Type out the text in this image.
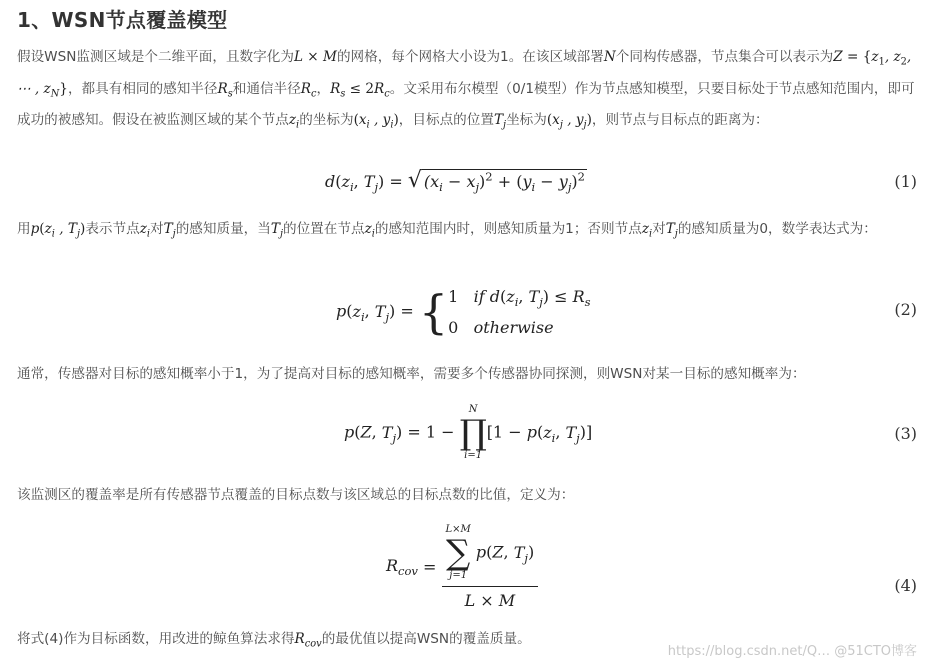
1、WSN节点覆盖模型
假设WSN监测区域是个二维平面，且数字化为L × M的网格，每个网格大小设为1。在该区域部署N个同构传感器，节点集合可以表示为$Z = \{z_1$, $z_2$, ⋯ , $z_N$}，都具有相同的感知半径$R_s$和通信半径$R_c$，$R_s \le 2R_c$。文采用布尔模型（0/1模型）作为节点感知模型，只要目标处于节点感知范围内，即可成功的被感知。假设在被监测区域的某个节点$z_i$的坐标为($x_i$ , $y_i$)，目标点的位置$T_j$坐标为($x_j$ , $y_j$)，则节点与目标点的距离为：
$d(z_i$, $T_j$) = √ $(x_i - x_j)^2 + (y_i - y_j)^2$	(1)
用$p(z_i$ , $T_j$)表示节点$z_i$对$T_j$的感知质量，当$T_j$的位置在节点$z_i$的感知范围内时，则感知质量为1；否则节点$z_i$对$T_j$的感知质量为0，数学表达式为：
$p(z_i$, $T_j$) = { 1 if $d(z_i$, $T_j) \le R_s$
0 otherwise
(2)
通常，传感器对目标的感知概率小于1，为了提高对目标的感知概率，需要多个传感器协同探测，则WSN对某一目标的感知概率为：
p(Z, $T_j) = 1$ −
N
∏
i=1
[$1 - p(z_i$, $T_j$)]	(3)
该监测区的覆盖率是所有传感器节点覆盖的目标点数与该区域总的目标点数的比值，定义为：
$R_{cov} = L\times M$
∑
j=1
p(Z, $T_j$)
L × M	(4)
将式(4)作为目标函数，用改进的鲸鱼算法求得$R_{cov}$的最优值以提高WSN的覆盖质量。
https://blog.csdn.net/Q… @51CTO博客
